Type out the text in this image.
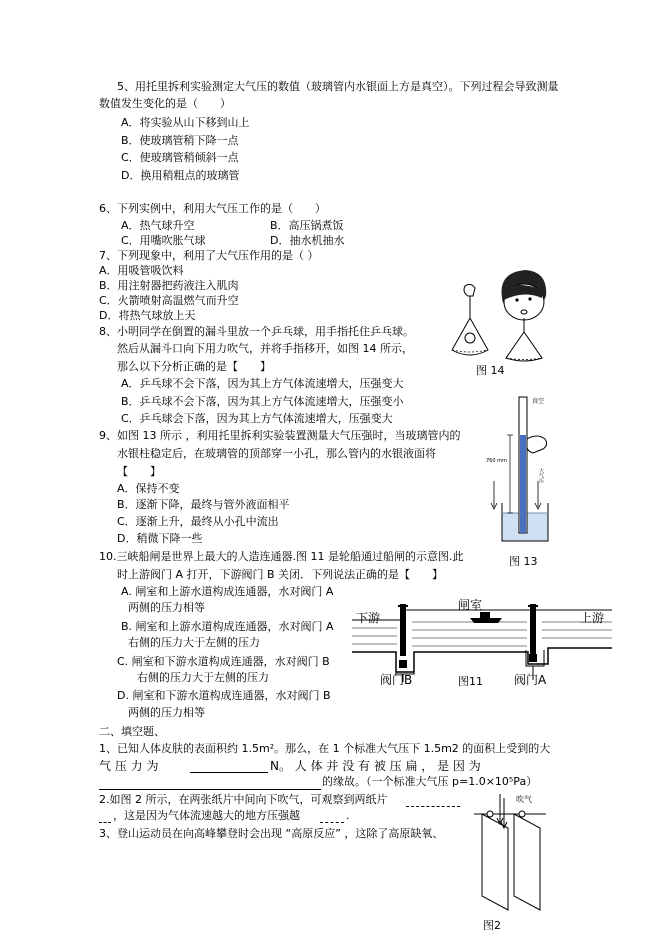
5、用托里拆利实验测定大气压的数值（玻璃管内水银面上方是真空）。下列过程会导致测量
数值发生变化的是（　　）
A．将实验从山下移到山上
B．使玻璃管稍下降一点
C．使玻璃管稍倾斜一点
D．换用稍粗点的玻璃管
6、下列实例中，利用大气压工作的是（　　）
A．热气球升空	B．高压锅煮饭
C．用嘴吹胀气球	D．抽水机抽水
7、下列现象中，利用了大气压作用的是（ ）
A．用吸管吸饮料
B．用注射器把药液注入肌肉
C．火箭喷射高温燃气而升空
D．将热气球放上天
8、小明同学在倒置的漏斗里放一个乒乓球，用手指托住乒乓球。
然后从漏斗口向下用力吹气，并将手指移开，如图 14 所示，
那么以下分析正确的是【　　】
A．乒乓球不会下落，因为其上方气体流速增大，压强变大
B．乒乓球不会下落，因为其上方气体流速增大，压强变小
C．乒乓球会下落，因为其上方气体流速增大，压强变大
图 14
9、如图 13 所示 ，利用托里拆利实验装置测量大气压强时，当玻璃管内的
水银柱稳定后，在玻璃管的顶部穿一小孔，那么管内的水银液面将
【　　】
A．保持不变
B．逐渐下降，最终与管外液面相平
C．逐渐上升，最终从小孔中流出
D．稍微下降一些
真空
760 mm
大气压
图 13
10.三峡船闸是世界上最大的人造连通器.图 11 是轮船通过船闸的示意图.此
时上游阀门 A 打开，下游阀门 B 关闭．下列说法正确的是【　　】
A. 闸室和上游水道构成连通器，水对阀门 A
两侧的压力相等
B. 闸室和上游水道构成连通器，水对阀门 A
右侧的压力大于左侧的压力
C. 闸室和下游水道构成连通器，水对阀门 B
右侧的压力大于左侧的压力
D. 闸室和下游水道构成连通器，水对阀门 B
两侧的压力相等
下游
闸室
上游
阀门B	图11	阀门A
二、填空题、
1、已知人体皮肤的表面积约 1.5m²。那么，在 1 个标准大气压下 1.5m2 的面积上受到的大
气 压 力 为	N。 人 体 并 没 有 被 压 扁 ， 是 因 为
的缘故。（一个标准大气压 p=1.0×10⁵Pa）
2.如图 2 所示，在两张纸片中间向下吹气，可观察到两纸片
，这是因为气体流速越大的地方压强越	.
3、登山运动员在向高峰攀登时会出现 “高原反应” ，这除了高原缺氧、
吹气
图2
